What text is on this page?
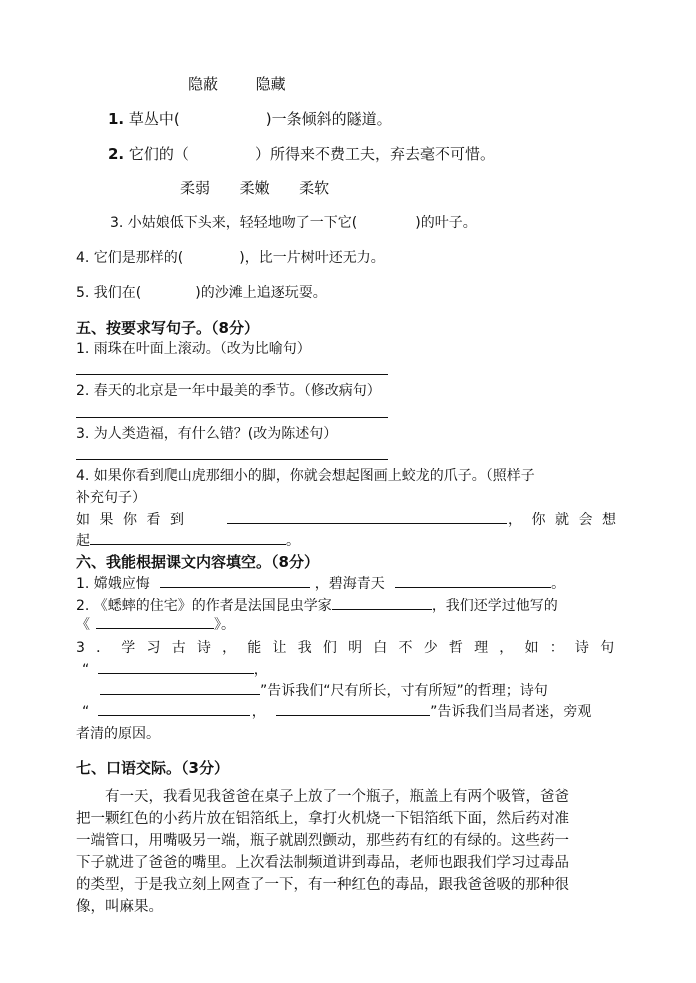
隐蔽	隐藏
1. 草丛中(	)一条倾斜的隧道。
2. 它们的（	）所得来不费工夫，弃去毫不可惜。
柔弱 柔嫩 柔软
3. 小姑娘低下头来，轻轻地吻了一下它(	)的叶子。
4. 它们是那样的(	)，比一片树叶还无力。
5. 我们在(	)的沙滩上追逐玩耍。
五、按要求写句子。（8分）
1. 雨珠在叶面上滚动。（改为比喻句）
2. 春天的北京是一年中最美的季节。（修改病句）
3. 为人类造福，有什么错？(改为陈述句）
4. 如果你看到爬山虎那细小的脚，你就会想起图画上蛟龙的爪子。（照样子
补充句子）
如果你看到	，你就会想
起	。
六、我能根据课文内容填空。（8分）
1. 嫦娥应悔	，碧海青天	。
2. 《蟋蟀的住宅》的作者是法国昆虫学家	，我们还学过他写的
《	》。
3．学习古诗，能让我们明白不少哲理，如：诗句
“	，
”告诉我们“尺有所长，寸有所短”的哲理；诗句
“	，	”告诉我们当局者迷，旁观
者清的原因。
七、口语交际。（3分）
　　有一天，我看见我爸爸在桌子上放了一个瓶子，瓶盖上有两个吸管，爸爸
把一颗红色的小药片放在铝箔纸上，拿打火机烧一下铝箔纸下面，然后药对准
一端管口，用嘴吸另一端，瓶子就剧烈颤动，那些药有红的有绿的。这些药一
下子就进了爸爸的嘴里。上次看法制频道讲到毒品，老师也跟我们学习过毒品
的类型，于是我立刻上网查了一下，有一种红色的毒品，跟我爸爸吸的那种很
像，叫麻果。
